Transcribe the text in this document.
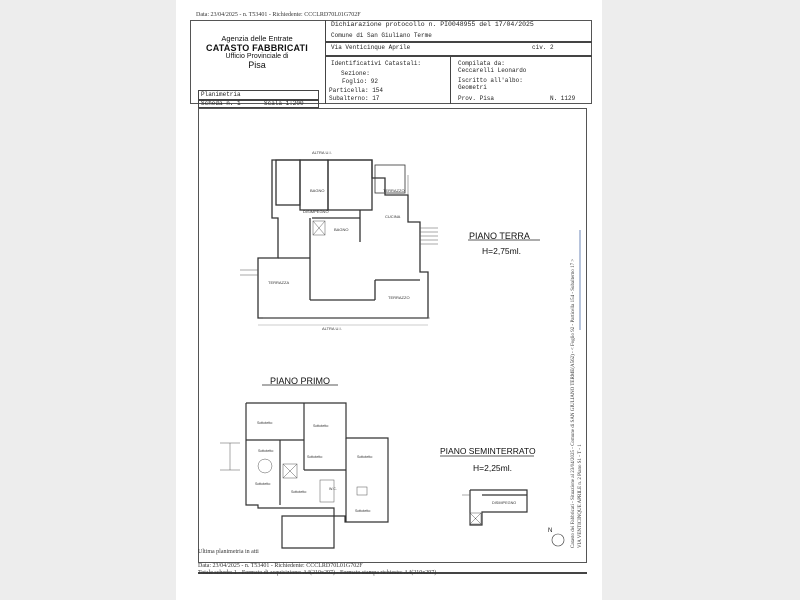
Data: 23/04/2025 - n. T53401 - Richiedente: CCCLRD70L01G702F
Agenzia delle Entrate
CATASTO FABBRICATI
Ufficio Provinciale di
Pisa
Dichiarazione protocollo n. PI0048955 del 17/04/2025
Comune di San Giuliano Terme
Via Venticinque Aprile	civ. 2
Identificativi Catastali:
Sezione:
Foglio: 92
Particella: 154
Subalterno: 17
Compilata da:
Ceccarelli Leonardo
Iscritto all'albo:
Geometri
Prov. Pisa	N. 1129
Planimetria
Scheda n. 1	Scala 1:200
BAGNO
BAGNO
DISIMPEGNO
CUCINA
TERRAZZO
TERRAZZO
TERRAZZA
ALTRA U.I.
ALTRA U.I.
Sottotetto
Sottotetto
Sottotetto
Sottotetto
Sottotetto
Sottotetto	Sottotetto
Sottotetto
W.C.
DISIMPEGNO
N
PIANO TERRA
H=2,75ml.
PIANO PRIMO
PIANO SEMINTERRATO
H=2,25ml.
Ultima planimetria in atti
Data: 23/04/2025 - n. T53401 - Richiedente: CCCLRD70L01G702F
Totale schede: 1 - Formato di acquisizione: A4(210x297) - Formato stampa richiesto: A4(210x297)
Catasto dei Fabbricati - Situazione al 23/04/2025 - Comune di SAN GIULIANO TERME(A562) - < Foglio 92 - Particella 154 - Subalterno 17 > VIA VENTICINQUE APRILE n. 2 Piano S1 - T - 1
